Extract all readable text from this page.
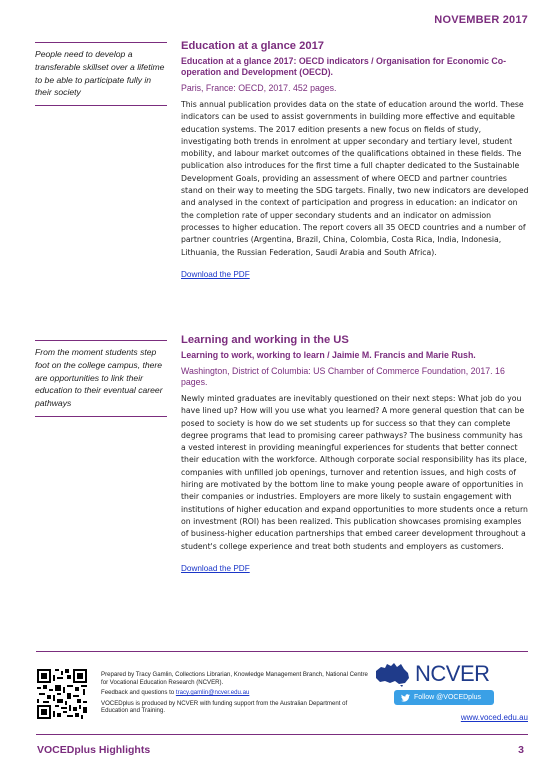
NOVEMBER 2017
People need to develop a transferable skillset over a lifetime to be able to participate fully in their society
Education at a glance 2017
Education at a glance 2017: OECD indicators / Organisation for Economic Co-operation and Development (OECD).
Paris, France: OECD, 2017. 452 pages.
This annual publication provides data on the state of education around the world. These indicators can be used to assist governments in building more effective and equitable education systems. The 2017 edition presents a new focus on fields of study, investigating both trends in enrolment at upper secondary and tertiary level, student mobility, and labour market outcomes of the qualifications obtained in these fields. The publication also introduces for the first time a full chapter dedicated to the Sustainable Development Goals, providing an assessment of where OECD and partner countries stand on their way to meeting the SDG targets. Finally, two new indicators are developed and analysed in the context of participation and progress in education: an indicator on the completion rate of upper secondary students and an indicator on admission processes to higher education. The report covers all 35 OECD countries and a number of partner countries (Argentina, Brazil, China, Colombia, Costa Rica, India, Indonesia, Lithuania, the Russian Federation, Saudi Arabia and South Africa).
Download the PDF
From the moment students step foot on the college campus, there are opportunities to link their education to their eventual career pathways
Learning and working in the US
Learning to work, working to learn / Jaimie M. Francis and Marie Rush.
Washington, District of Columbia: US Chamber of Commerce Foundation, 2017. 16 pages.
Newly minted graduates are inevitably questioned on their next steps: What job do you have lined up? How will you use what you learned? A more general question that can be posed to society is how do we set students up for success so that they can complete degree programs that lead to promising career pathways? The business community has a vested interest in providing meaningful experiences for students that better connect their education with the workforce. Although corporate social responsibility has its place, companies with unfilled job openings, turnover and retention issues, and high costs of hiring are motivated by the bottom line to make young people aware of opportunities in their companies or industries. Employers are more likely to sustain engagement with institutions of higher education and expand opportunities to more students once a return on investment (ROI) has been realized. This publication showcases promising examples of business-higher education partnerships that embed career development throughout a student's college experience and treat both students and employers as customers.
Download the PDF

Prepared by Tracy Gamlin, Collections Librarian, Knowledge Management Branch, National Centre for Vocational Education Research (NCVER).

Feedback and questions to tracy.gamlin@ncver.edu.au

VOCEDplus is produced by NCVER with funding support from the Australian Department of Education and Training.

NCVER
Follow @VOCEDplus
www.voced.edu.au
VOCEDplus Highlights	3
